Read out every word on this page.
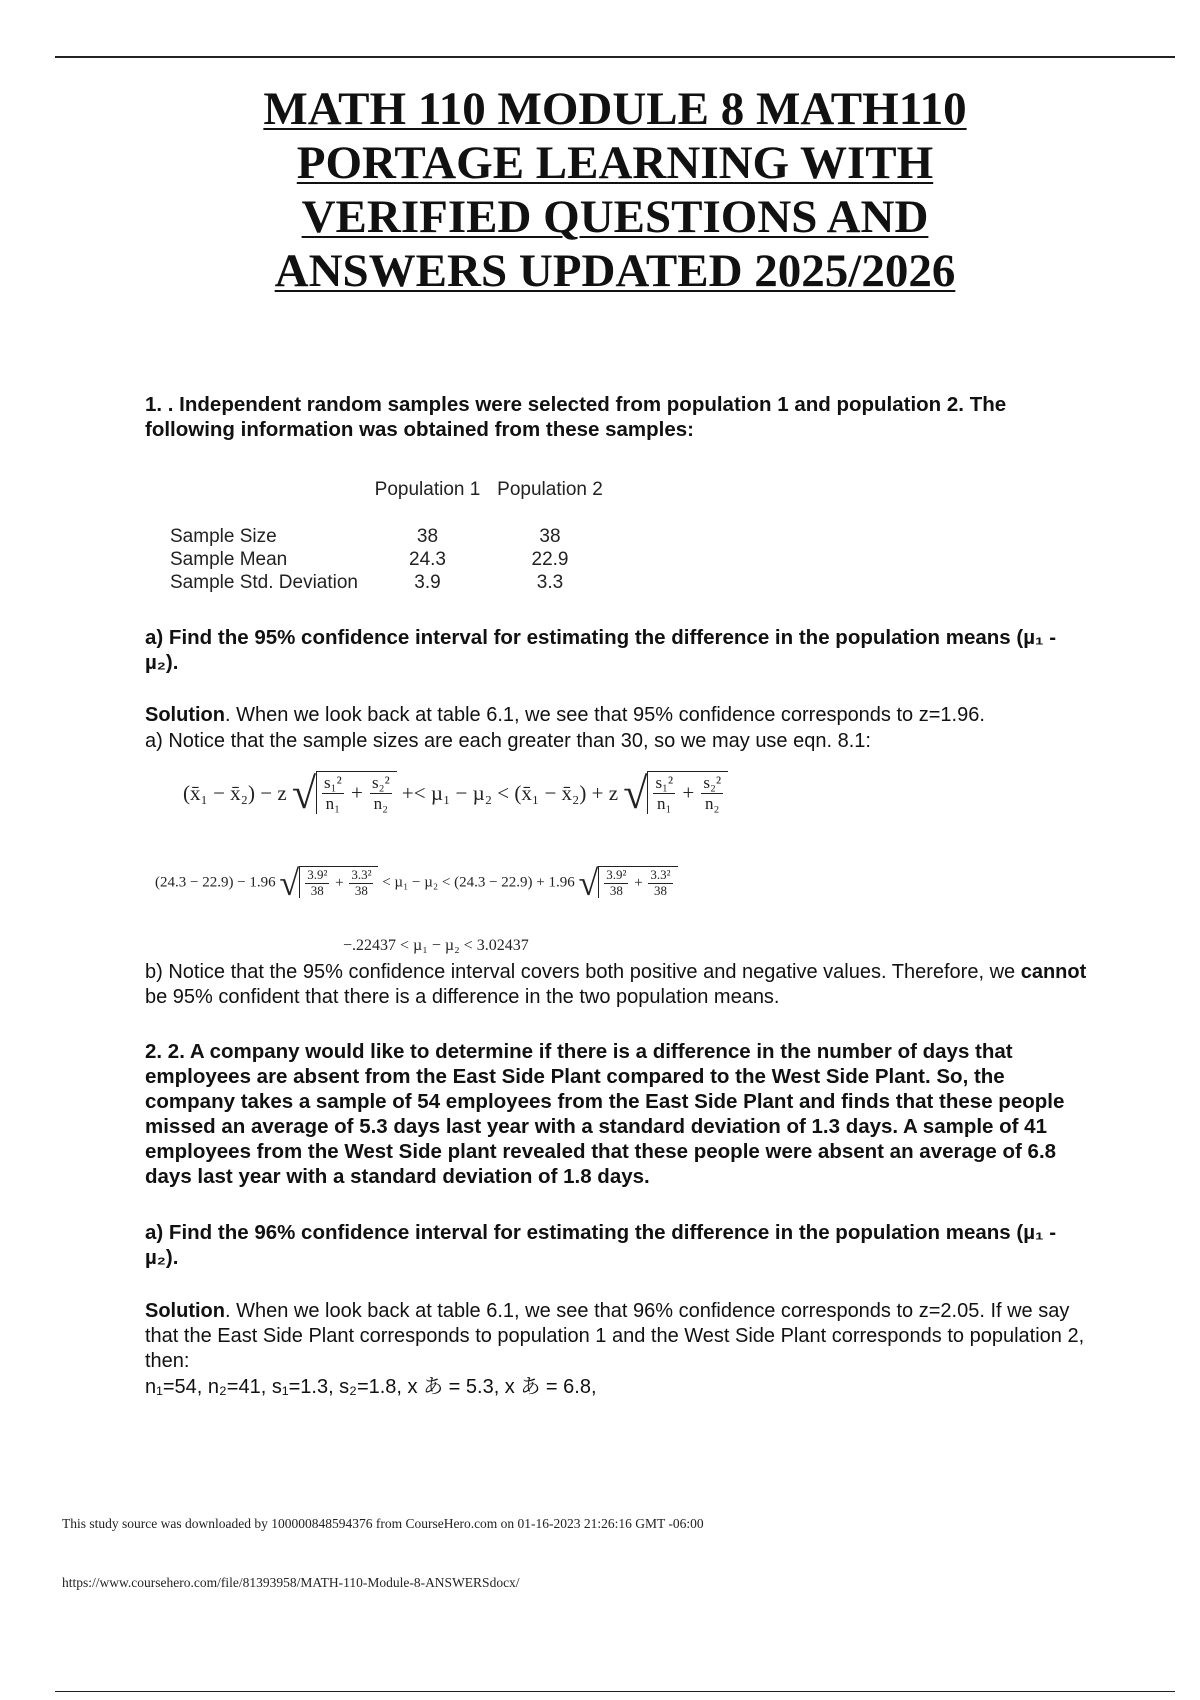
MATH 110 MODULE 8 MATH110
PORTAGE LEARNING WITH
VERIFIED QUESTIONS AND
ANSWERS UPDATED 2025/2026
1. . Independent random samples were selected from population 1 and population 2. The following information was obtained from these samples:
	Population 1	Population 2

Sample Size	38	38
Sample Mean	24.3	22.9
Sample Std. Deviation	3.9	3.3
a) Find the 95% confidence interval for estimating the difference in the population means (µ₁ - µ₂).
Solution. When we look back at table 6.1, we see that 95% confidence corresponds to z=1.96.
a) Notice that the sample sizes are each greater than 30, so we may use eqn. 8.1:
(x̄₁ − x̄₂) − z √ $\frac{\text{s₁²}}{\text{n₁}} + \frac{\text{s₂²}}{\text{n₂}} +< \mu_1 - \mu_2$ < (x̄₁ − x̄₂) + z √ $\frac{\text{s₁²}}{\text{n₁}} + \frac{\text{s₂²}}{\text{n₂}}$
(24.3 − 22.9) − 1.96 √ $\frac{\text{3.9²}}{38} + \frac{\text{3.3²}}{38} < \mu_1 - \mu_2 < (24.3 - 22.9) + 1.96$ √ $\frac{\text{3.9²}}{38} + \frac{\text{3.3²}}{38}$
−.22437 < µ₁ − µ₂ < 3.02437
b) Notice that the 95% confidence interval covers both positive and negative values. Therefore, we cannot be 95% confident that there is a difference in the two population means.
2. 2. A company would like to determine if there is a difference in the number of days that employees are absent from the East Side Plant compared to the West Side Plant. So, the company takes a sample of 54 employees from the East Side Plant and finds that these people missed an average of 5.3 days last year with a standard deviation of 1.3 days. A sample of 41 employees from the West Side plant revealed that these people were absent an average of 6.8 days last year with a standard deviation of 1.8 days.
a) Find the 96% confidence interval for estimating the difference in the population means (µ₁ - µ₂).
Solution. When we look back at table 6.1, we see that 96% confidence corresponds to z=2.05. If we say that the East Side Plant corresponds to population 1 and the West Side Plant corresponds to population 2, then:
n₁=54, n₂=41, s₁=1.3, s₂=1.8, x あ = 5.3, x あ = 6.8,
This study source was downloaded by 100000848594376 from CourseHero.com on 01-16-2023 21:26:16 GMT -06:00
https://www.coursehero.com/file/81393958/MATH-110-Module-8-ANSWERSdocx/
